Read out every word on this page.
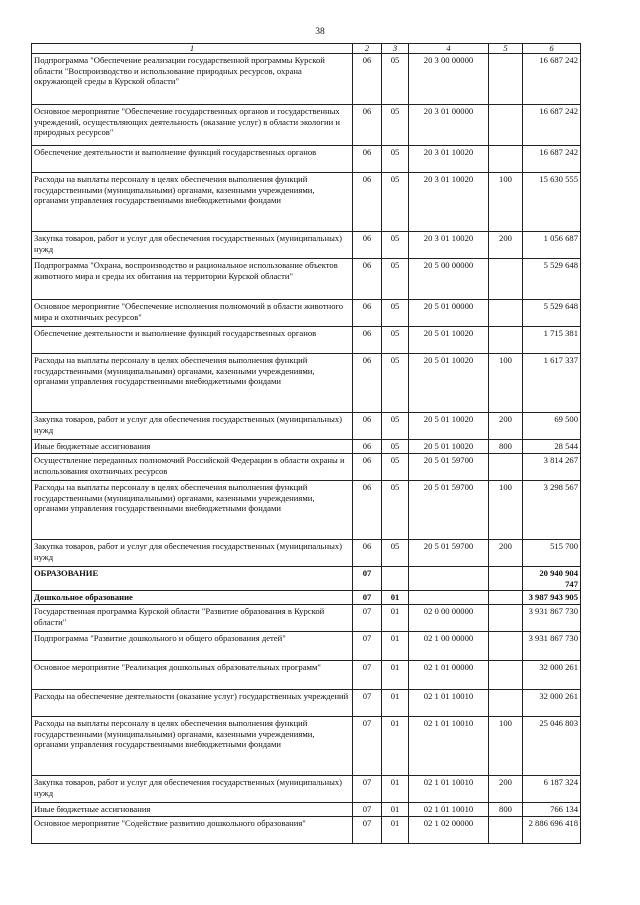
38
1	2	3	4	5	6
Подпрограмма "Обеспечение реализации государственной программы Курской области "Воспроизводство и использование природных ресурсов, охрана окружающей среды в Курской области"	06	05	20 3 00 00000		16 687 242
Основное мероприятие "Обеспечение государственных органов и государственных учреждений, осуществляющих деятельность (оказание услуг) в области экологии и природных ресурсов"	06	05	20 3 01 00000		16 687 242
Обеспечение деятельности и выполнение функций государственных органов	06	05	20 3 01 10020		16 687 242
Расходы на выплаты персоналу в целях обеспечения выполнения функций государственными (муниципальными) органами, казенными учреждениями, органами управления государственными внебюджетными фондами	06	05	20 3 01 10020	100	15 630 555
Закупка товаров, работ и услуг для обеспечения государственных (муниципальных) нужд	06	05	20 3 01 10020	200	1 056 687
Подпрограмма "Охрана, воспроизводство и рациональное использование объектов животного мира и среды их обитания на территории Курской области"	06	05	20 5 00 00000		5 529 648
Основное мероприятие "Обеспечение исполнения полномочий в области животного мира и охотничьих ресурсов"	06	05	20 5 01 00000		5 529 648
Обеспечение деятельности и выполнение функций государственных органов	06	05	20 5 01 10020		1 715 381
Расходы на выплаты персоналу в целях обеспечения выполнения функций государственными (муниципальными) органами, казенными учреждениями, органами управления государственными внебюджетными фондами	06	05	20 5 01 10020	100	1 617 337
Закупка товаров, работ и услуг для обеспечения государственных (муниципальных) нужд	06	05	20 5 01 10020	200	69 500
Иные бюджетные ассигнования	06	05	20 5 01 10020	800	28 544
Осуществление переданных полномочий Российской Федерации в области охраны и использования охотничьих ресурсов	06	05	20 5 01 59700		3 814 267
Расходы на выплаты персоналу в целях обеспечения выполнения функций государственными (муниципальными) органами, казенными учреждениями, органами управления государственными внебюджетными фондами	06	05	20 5 01 59700	100	3 298 567
Закупка товаров, работ и услуг для обеспечения государственных (муниципальных) нужд	06	05	20 5 01 59700	200	515 700
ОБРАЗОВАНИЕ	07				20 940 904 747
Дошкольное образование	07	01			3 987 943 905
Государственная программа Курской области "Развитие образования в Курской области"	07	01	02 0 00 00000		3 931 867 730
Подпрограмма "Развитие дошкольного и общего образования детей"	07	01	02 1 00 00000		3 931 867 730
Основное мероприятие "Реализация дошкольных образовательных программ"	07	01	02 1 01 00000		32 000 261
Расходы на обеспечение деятельности (оказание услуг) государственных учреждений	07	01	02 1 01 10010		32 000 261
Расходы на выплаты персоналу в целях обеспечения выполнения функций государственными (муниципальными) органами, казенными учреждениями, органами управления государственными внебюджетными фондами	07	01	02 1 01 10010	100	25 046 803
Закупка товаров, работ и услуг для обеспечения государственных (муниципальных) нужд	07	01	02 1 01 10010	200	6 187 324
Иные бюджетные ассигнования	07	01	02 1 01 10010	800	766 134
Основное мероприятие "Содействие развитию дошкольного образования"	07	01	02 1 02 00000		2 886 696 418
